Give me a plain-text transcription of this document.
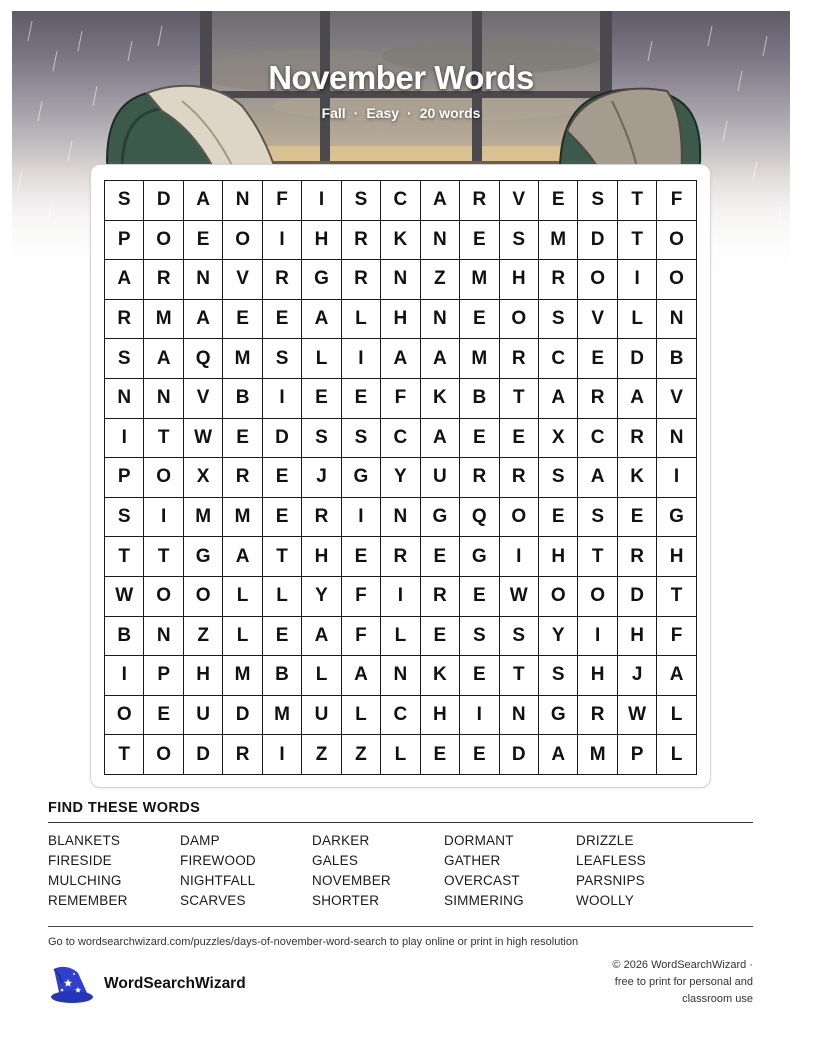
November Words
Fall · Easy · 20 words
S	D	A	N	F	I	S	C	A	R	V	E	S	T	F
P	O	E	O	I	H	R	K	N	E	S	M	D	T	O
A	R	N	V	R	G	R	N	Z	M	H	R	O	I	O
R	M	A	E	E	A	L	H	N	E	O	S	V	L	N
S	A	Q	M	S	L	I	A	A	M	R	C	E	D	B
N	N	V	B	I	E	E	F	K	B	T	A	R	A	V
I	T	W	E	D	S	S	C	A	E	E	X	C	R	N
P	O	X	R	E	J	G	Y	U	R	R	S	A	K	I
S	I	M	M	E	R	I	N	G	Q	O	E	S	E	G
T	T	G	A	T	H	E	R	E	G	I	H	T	R	H
W	O	O	L	L	Y	F	I	R	E	W	O	O	D	T
B	N	Z	L	E	A	F	L	E	S	S	Y	I	H	F
I	P	H	M	B	L	A	N	K	E	T	S	H	J	A
O	E	U	D	M	U	L	C	H	I	N	G	R	W	L
T	O	D	R	I	Z	Z	L	E	E	D	A	M	P	L
FIND THESE WORDS
BLANKETS	DAMP	DARKER	DORMANT	DRIZZLE
FIRESIDE	FIREWOOD	GALES	GATHER	LEAFLESS
MULCHING	NIGHTFALL	NOVEMBER	OVERCAST	PARSNIPS
REMEMBER	SCARVES	SHORTER	SIMMERING	WOOLLY
Go to wordsearchwizard.com/puzzles/days-of-november-word-search to play online or print in high resolution
WordSearchWizard
© 2026 WordSearchWizard ·
free to print for personal and
classroom use
